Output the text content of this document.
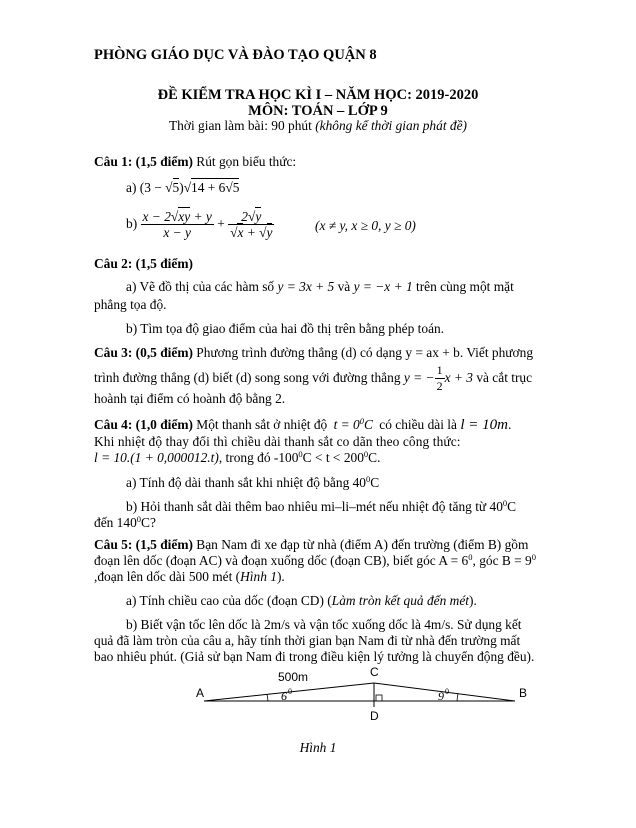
PHÒNG GIÁO DỤC VÀ ĐÀO TẠO QUẬN 8
ĐỀ KIỂM TRA HỌC KÌ I – NĂM HỌC: 2019-2020
MÔN: TOÁN – LỚP 9
Thời gian làm bài: 90 phút (không kể thời gian phát đề)
Câu 1: (1,5 điểm) Rút gọn biểu thức:
a) (3 − √5)√14 + 6√5
$b) \frac{x - 2√xy + y}{x - y} + \frac{2√y}{√x + √y}$	(x ≠ y, x ≥ 0, y ≥ 0)
Câu 2: (1,5 điểm)
a) Vẽ đồ thị của các hàm số y = 3x + 5 và y = −x + 1 trên cùng một mặt
phẳng tọa độ.
b) Tìm tọa độ giao điểm của hai đồ thị trên bằng phép toán.
Câu 3: (0,5 điểm) Phương trình đường thẳng (d) có dạng y = ax + b. Viết phương
trình đường thẳng (d) biết (d) song song với đường thẳng y = − $\frac{1}{2}$ x + 3 và cắt trục
hoành tại điểm có hoành độ bằng 2.
Câu 4: (1,0 điểm) Một thanh sắt ở nhiệt độ $t = 0^0C$ có chiều dài là l = 10m.
Khi nhiệt độ thay đổi thì chiều dài thanh sắt co dãn theo công thức:
l = 10.(1 + 0,000012.t), trong đó $-100^0C < t < 200^0C$.
a) Tính độ dài thanh sắt khi nhiệt độ bằng $40^0C$
b) Hỏi thanh sắt dài thêm bao nhiêu mi–li–mét nếu nhiệt độ tăng từ $40^0C$
đến $140^0C$?
Câu 5: (1,5 điểm) Bạn Nam đi xe đạp từ nhà (điểm A) đến trường (điểm B) gồm
đoạn lên dốc (đoạn AC) và đoạn xuống dốc (đoạn CB), biết góc $A = 6^0$, góc $B = 9^0$
,đoạn lên dốc dài 500 mét (Hình 1).
a) Tính chiều cao của dốc (đoạn CD) (Làm tròn kết quả đến mét).
b) Biết vận tốc lên dốc là 2m/s và vận tốc xuống dốc là 4m/s. Sử dụng kết
quả đã làm tròn của câu a, hãy tính thời gian bạn Nam đi từ nhà đến trường mất
bao nhiêu phút. (Giả sử bạn Nam đi trong điều kiện lý tưởng là chuyển động đều).
A	B
C
D
500m
6 0	9 0
Hình 1
